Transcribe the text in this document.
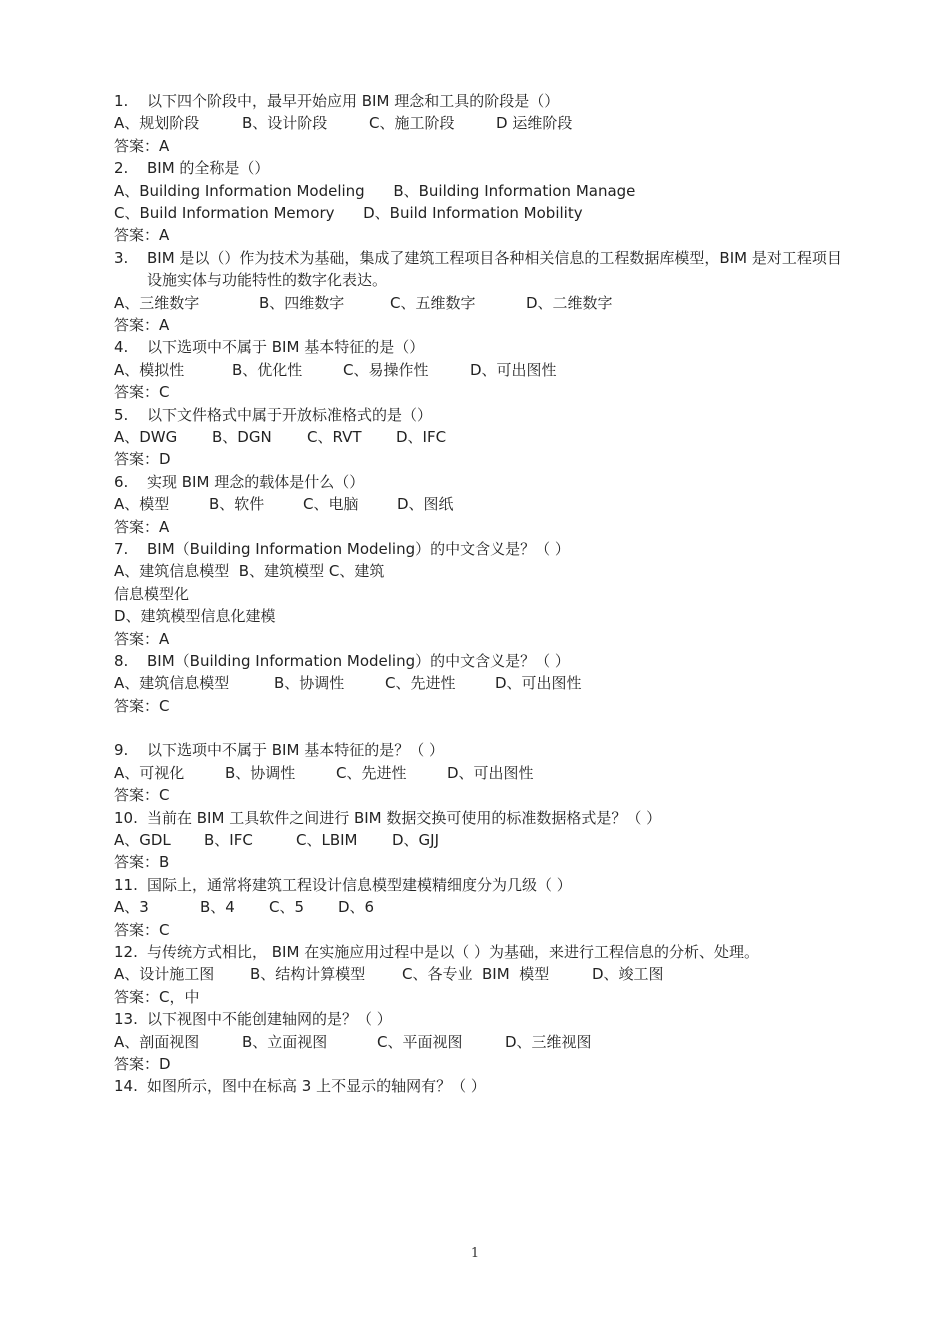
1.	以下四个阶段中，最早开始应用 BIM 理念和工具的阶段是（）
A、规划阶段	B、设计阶段	C、施工阶段	D 运维阶段
答案：A
2.	BIM 的全称是（）
A、Building Information Modeling      B、Building Information Manage
C、Build Information Memory      D、Build Information Mobility
答案：A
3.	BIM 是以（）作为技术为基础，集成了建筑工程项目各种相关信息的工程数据库模型，BIM 是对工程项目设施实体与功能特性的数字化表达。
A、三维数字	B、四维数字	C、五维数字	D、二维数字
答案：A
4.	以下选项中不属于 BIM 基本特征的是（）
A、模拟性	B、优化性	C、易操作性	D、可出图性
答案：C
5.	以下文件格式中属于开放标准格式的是（）
A、DWG B、DGN C、RVT D、IFC
答案：D
6.	实现 BIM 理念的载体是什么（）
A、模型	B、软件	C、电脑	D、图纸
答案：A
7.	BIM（Building Information Modeling）的中文含义是？（ ）
A、建筑信息模型  B、建筑模型 C、建筑
信息模型化
D、建筑模型信息化建模
答案：A
8.	BIM（Building Information Modeling）的中文含义是？（ ）
A、建筑信息模型	B、协调性	C、先进性	D、可出图性
答案：C
9.	以下选项中不属于 BIM 基本特征的是？（ ）
A、可视化	B、协调性	C、先进性	D、可出图性
答案：C
10. 当前在 BIM 工具软件之间进行 BIM 数据交换可使用的标准数据格式是？（ ）
A、GDL B、IFC	C、LBIM D、GJJ
答案：B
11. 国际上，通常将建筑工程设计信息模型建模精细度分为几级（ ）
A、3	B、4 C、5 D、6
答案：C
12. 与传统方式相比， BIM 在实施应用过程中是以（ ）为基础，来进行工程信息的分析、处理。
A、设计施工图 B、结构计算模型 C、各专业  BIM  模型	D、竣工图
答案：C，中
13. 以下视图中不能创建轴网的是？（ ）
A、剖面视图	B、立面视图	C、平面视图	D、三维视图
答案：D
14. 如图所示，图中在标高 3 上不显示的轴网有？（ ）
1
